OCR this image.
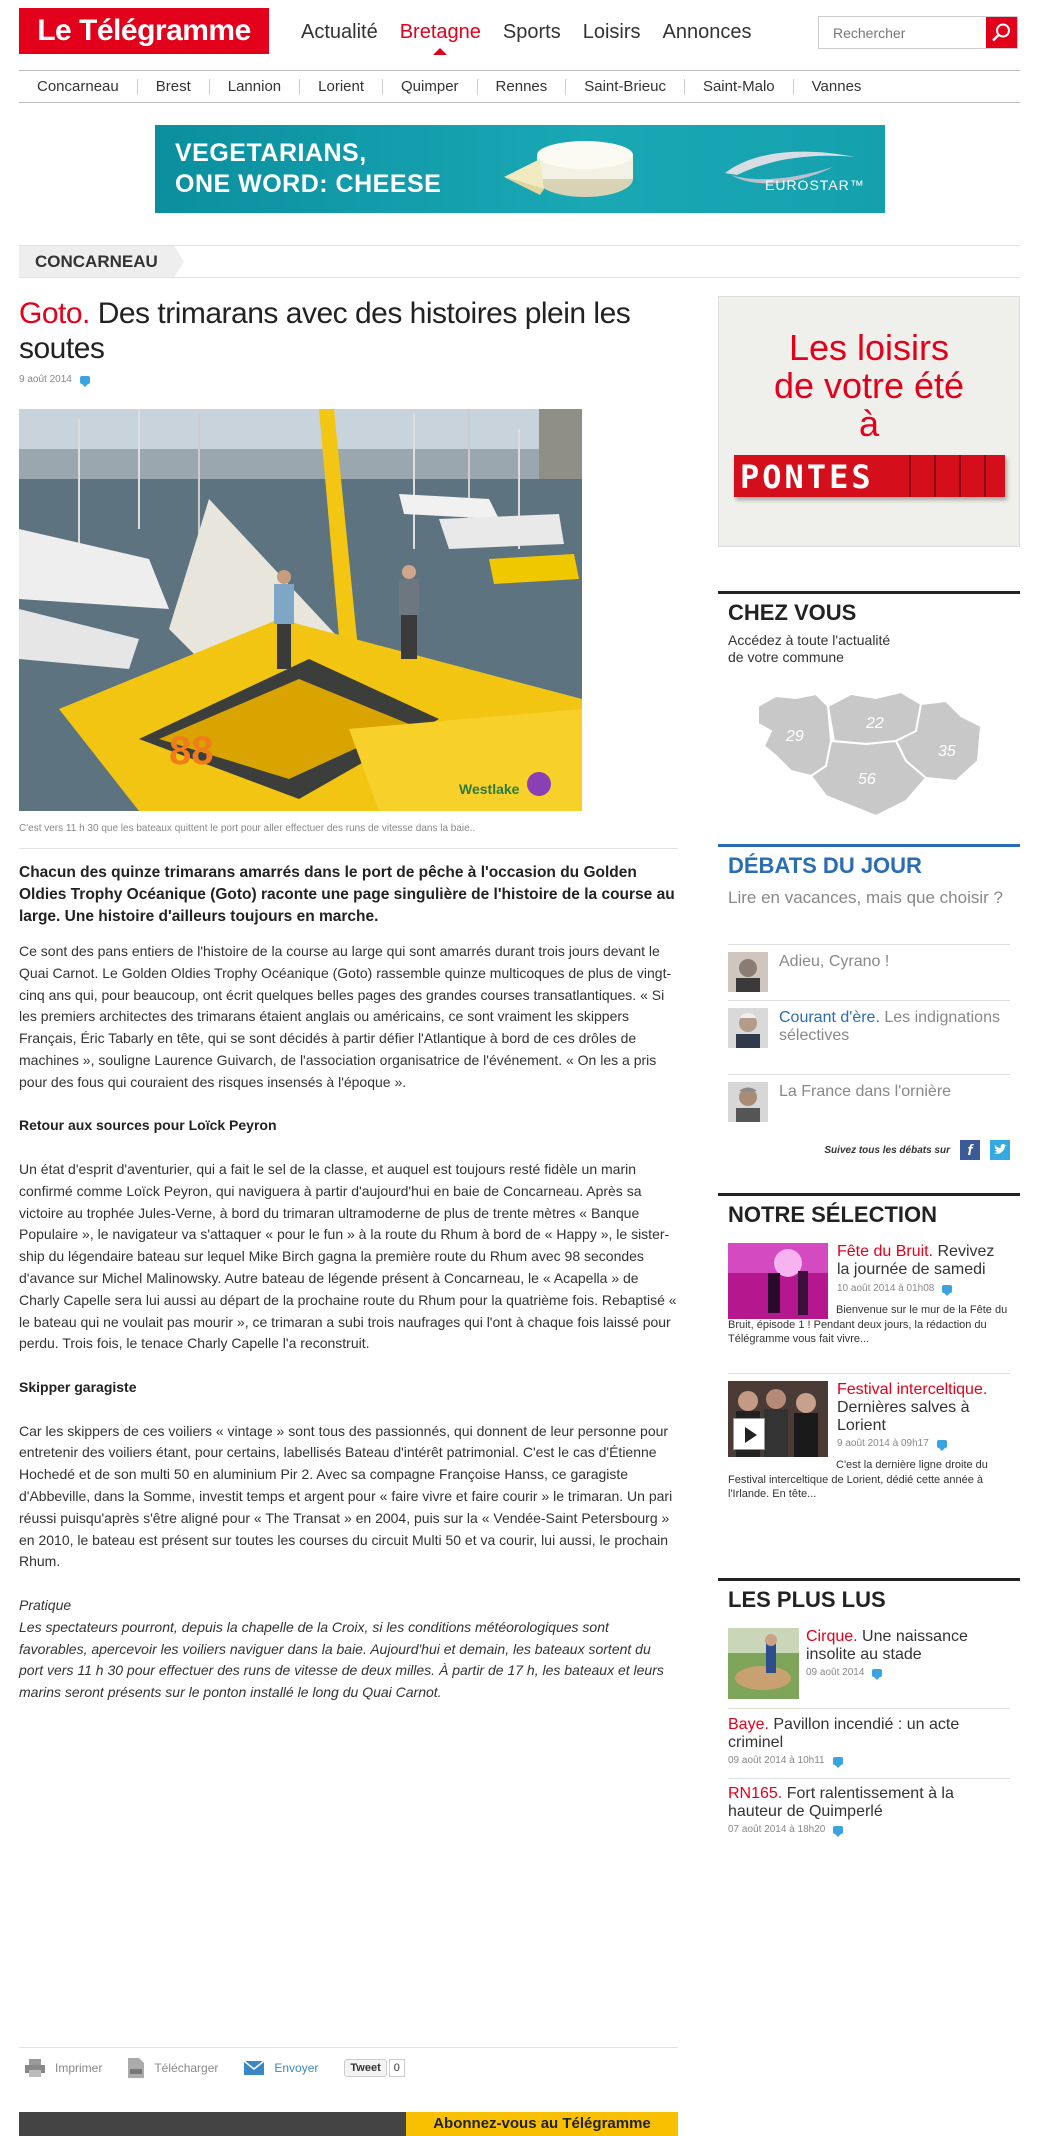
Le Télégramme	Actualité	Bretagne	Sports	Loisirs	Annonces
Rechercher
Concarneau	Brest	Lannion	Lorient	Quimper	Rennes	Saint-Brieuc	Saint-Malo	Vannes
VEGETARIANS,
ONE WORD: CHEESE	EUROSTAR™
CONCARNEAU
Goto. Des trimarans avec des histoires plein les soutes
9 août 2014
88
Westlake
C'est vers 11 h 30 que les bateaux quittent le port pour aller effectuer des runs de vitesse dans la baie..
Chacun des quinze trimarans amarrés dans le port de pêche à l'occasion du Golden Oldies Trophy Océanique (Goto) raconte une page singulière de l'histoire de la course au large. Une histoire d'ailleurs toujours en marche.

Ce sont des pans entiers de l'histoire de la course au large qui sont amarrés durant trois jours devant le Quai Carnot. Le Golden Oldies Trophy Océanique (Goto) rassemble quinze multicoques de plus de vingt-cinq ans qui, pour beaucoup, ont écrit quelques belles pages des grandes courses transatlantiques. « Si les premiers architectes des trimarans étaient anglais ou américains, ce sont vraiment les skippers Français, Éric Tabarly en tête, qui se sont décidés à partir défier l'Atlantique à bord de ces drôles de machines », souligne Laurence Guivarch, de l'association organisatrice de l'événement. « On les a pris pour des fous qui couraient des risques insensés à l'époque ».

Retour aux sources pour Loïck Peyron

Un état d'esprit d'aventurier, qui a fait le sel de la classe, et auquel est toujours resté fidèle un marin confirmé comme Loïck Peyron, qui naviguera à partir d'aujourd'hui en baie de Concarneau. Après sa victoire au trophée Jules-Verne, à bord du trimaran ultramoderne de plus de trente mètres « Banque Populaire », le navigateur va s'attaquer « pour le fun » à la route du Rhum à bord de « Happy », le sister-ship du légendaire bateau sur lequel Mike Birch gagna la première route du Rhum avec 98 secondes d'avance sur Michel Malinowsky. Autre bateau de légende présent à Concarneau, le « Acapella » de Charly Capelle sera lui aussi au départ de la prochaine route du Rhum pour la quatrième fois. Rebaptisé « le bateau qui ne voulait pas mourir », ce trimaran a subi trois naufrages qui l'ont à chaque fois laissé pour perdu. Trois fois, le tenace Charly Capelle l'a reconstruit.

Skipper garagiste

Car les skippers de ces voiliers « vintage » sont tous des passionnés, qui donnent de leur personne pour entretenir des voiliers étant, pour certains, labellisés Bateau d'intérêt patrimonial. C'est le cas d'Étienne Hochedé et de son multi 50 en aluminium Pir 2. Avec sa compagne Françoise Hanss, ce garagiste d'Abbeville, dans la Somme, investit temps et argent pour « faire vivre et faire courir » le trimaran. Un pari réussi puisqu'après s'être aligné pour « The Transat » en 2004, puis sur la « Vendée-Saint Petersbourg » en 2010, le bateau est présent sur toutes les courses du circuit Multi 50 et va courir, lui aussi, le prochain Rhum.

Pratique
Les spectateurs pourront, depuis la chapelle de la Croix, si les conditions météorologiques sont favorables, apercevoir les voiliers naviguer dans la baie. Aujourd'hui et demain, les bateaux sortent du port vers 11 h 30 pour effectuer des runs de vitesse de deux milles. À partir de 17 h, les bateaux et leurs marins seront présents sur le ponton installé le long du Quai Carnot.
Imprimer	Télécharger	Envoyer	Tweet	0
Abonnez-vous au Télégramme
Les loisirs
de votre été
à
PONTES
CHEZ VOUS
Accédez à toute l'actualité
de votre commune
29
22
35
56
DÉBATS DU JOUR
Lire en vacances, mais que choisir ?
Adieu, Cyrano !
Courant d'ère. Les indignations sélectives
La France dans l'ornière
Suivez tous les débats sur	f
NOTRE SÉLECTION
Fête du Bruit. Revivez la journée de samedi
10 août 2014 à 01h08
Bienvenue sur le mur de la Fête du Bruit, épisode 1 ! Pendant deux jours, la rédaction du Télégramme vous fait vivre...
Festival interceltique. Dernières salves à Lorient
9 août 2014 à 09h17
C'est la dernière ligne droite du Festival interceltique de Lorient, dédié cette année à l'Irlande. En tête...
LES PLUS LUS
Cirque. Une naissance insolite au stade
09 août 2014
Baye. Pavillon incendié : un acte criminel
09 août 2014 à 10h11
RN165. Fort ralentissement à la hauteur de Quimperlé
07 août 2014 à 18h20
